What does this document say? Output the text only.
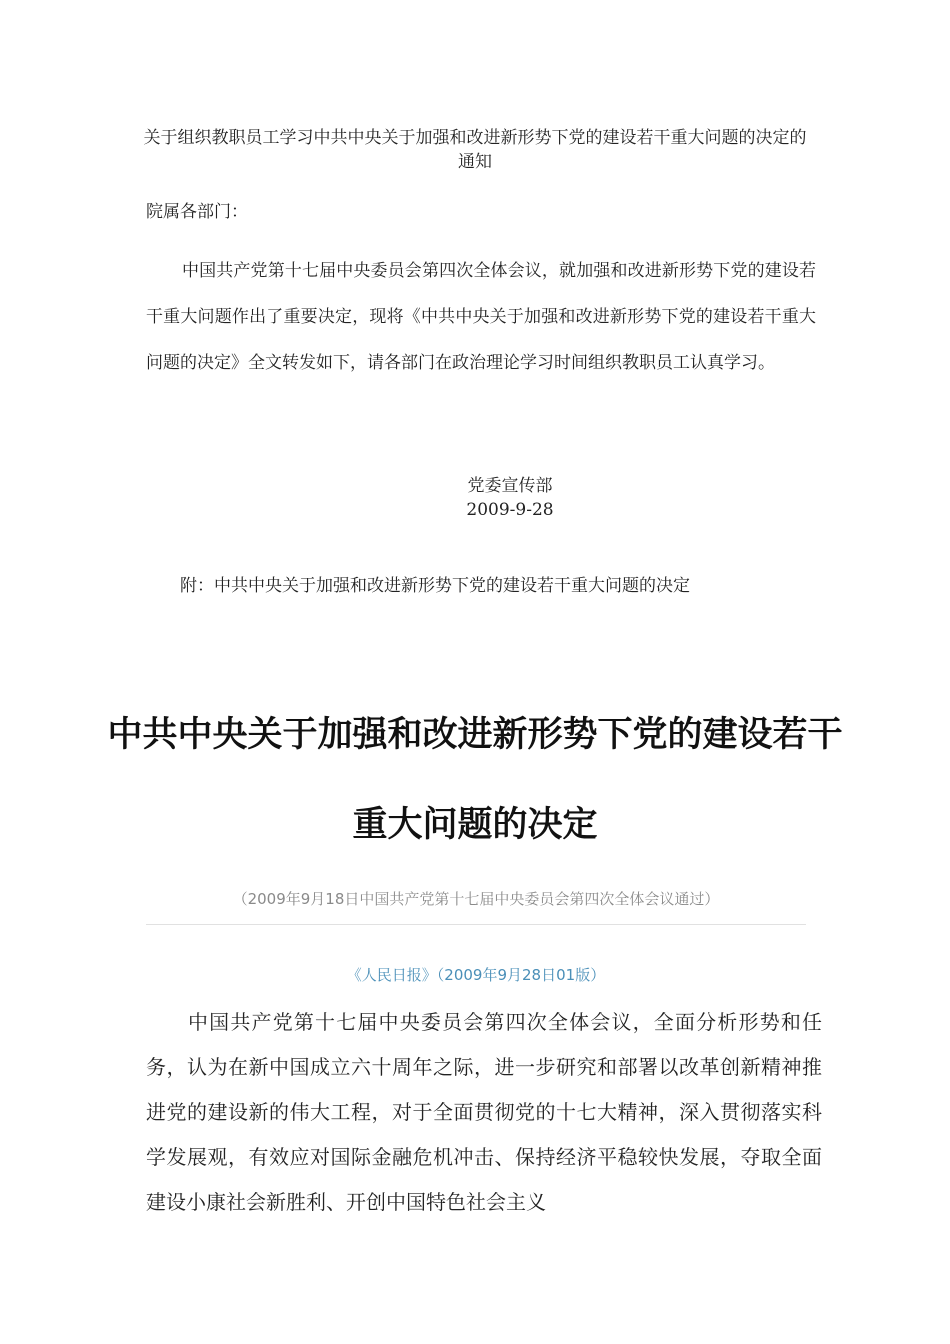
关于组织教职员工学习中共中央关于加强和改进新形势下党的建设若干重大问题的决定的通知
院属各部门：
中国共产党第十七届中央委员会第四次全体会议，就加强和改进新形势下党的建设若干重大问题作出了重要决定，现将《中共中央关于加强和改进新形势下党的建设若干重大问题的决定》全文转发如下，请各部门在政治理论学习时间组织教职员工认真学习。
党委宣传部
2009-9-28
附：中共中央关于加强和改进新形势下党的建设若干重大问题的决定
中共中央关于加强和改进新形势下党的建设若干重大问题的决定
（2009年9月18日中国共产党第十七届中央委员会第四次全体会议通过）
《人民日报》（2009年9月28日01版）
中国共产党第十七届中央委员会第四次全体会议，全面分析形势和任务，认为在新中国成立六十周年之际，进一步研究和部署以改革创新精神推进党的建设新的伟大工程，对于全面贯彻党的十七大精神，深入贯彻落实科学发展观，有效应对国际金融危机冲击、保持经济平稳较快发展，夺取全面建设小康社会新胜利、开创中国特色社会主义
